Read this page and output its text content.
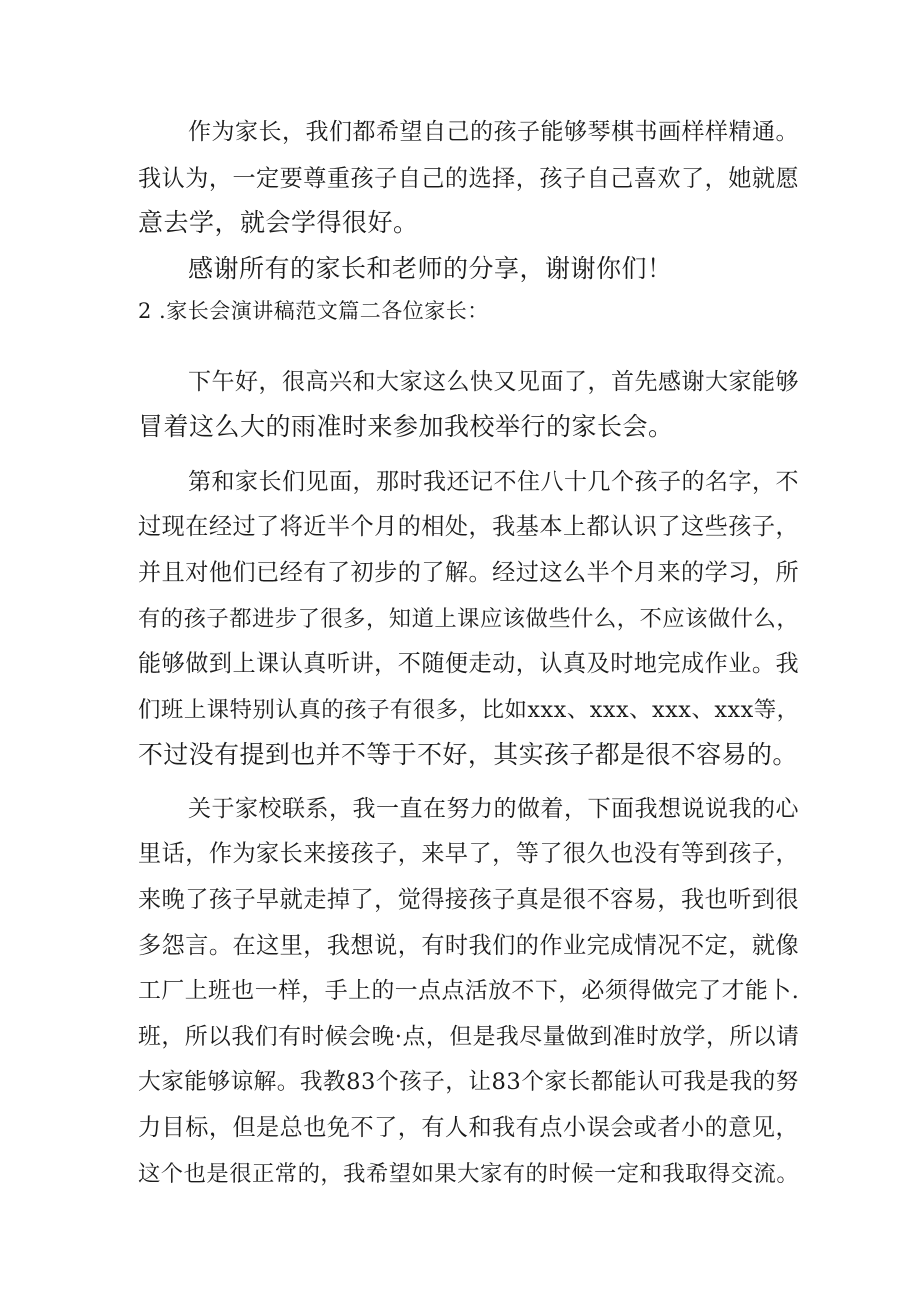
作为家长，我们都希望自己的孩子能够琴棋书画样样精通。
我认为，一定要尊重孩子自己的选择，孩子自己喜欢了，她就愿
意去学，就会学得很好。
感谢所有的家长和老师的分享，谢谢你们！
2 .家长会演讲稿范文篇二各位家长：
下午好，很高兴和大家这么快又见面了，首先感谢大家能够
冒着这么大的雨准时来参加我校举行的家长会。
第和家长们见面，那时我还记不住八十几个孩子的名字，不
过现在经过了将近半个月的相处，我基本上都认识了这些孩子，
并且对他们已经有了初步的了解。经过这么半个月来的学习，所
有的孩子都进步了很多，知道上课应该做些什么，不应该做什么，
能够做到上课认真听讲，不随便走动，认真及时地完成作业。我
们班上课特别认真的孩子有很多，比如xxx、xxx、xxx、xxx等，
不过没有提到也并不等于不好，其实孩子都是很不容易的。
关于家校联系，我一直在努力的做着，下面我想说说我的心
里话，作为家长来接孩子，来早了，等了很久也没有等到孩子，
来晚了孩子早就走掉了，觉得接孩子真是很不容易，我也听到很
多怨言。在这里，我想说，有时我们的作业完成情况不定，就像
工厂上班也一样，手上的一点点活放不下，必须得做完了才能卜.
班，所以我们有时候会晚·点，但是我尽量做到准时放学，所以请
大家能够谅解。我教83个孩子，让83个家长都能认可我是我的努
力目标，但是总也免不了，有人和我有点小误会或者小的意见，
这个也是很正常的，我希望如果大家有的时候一定和我取得交流。
